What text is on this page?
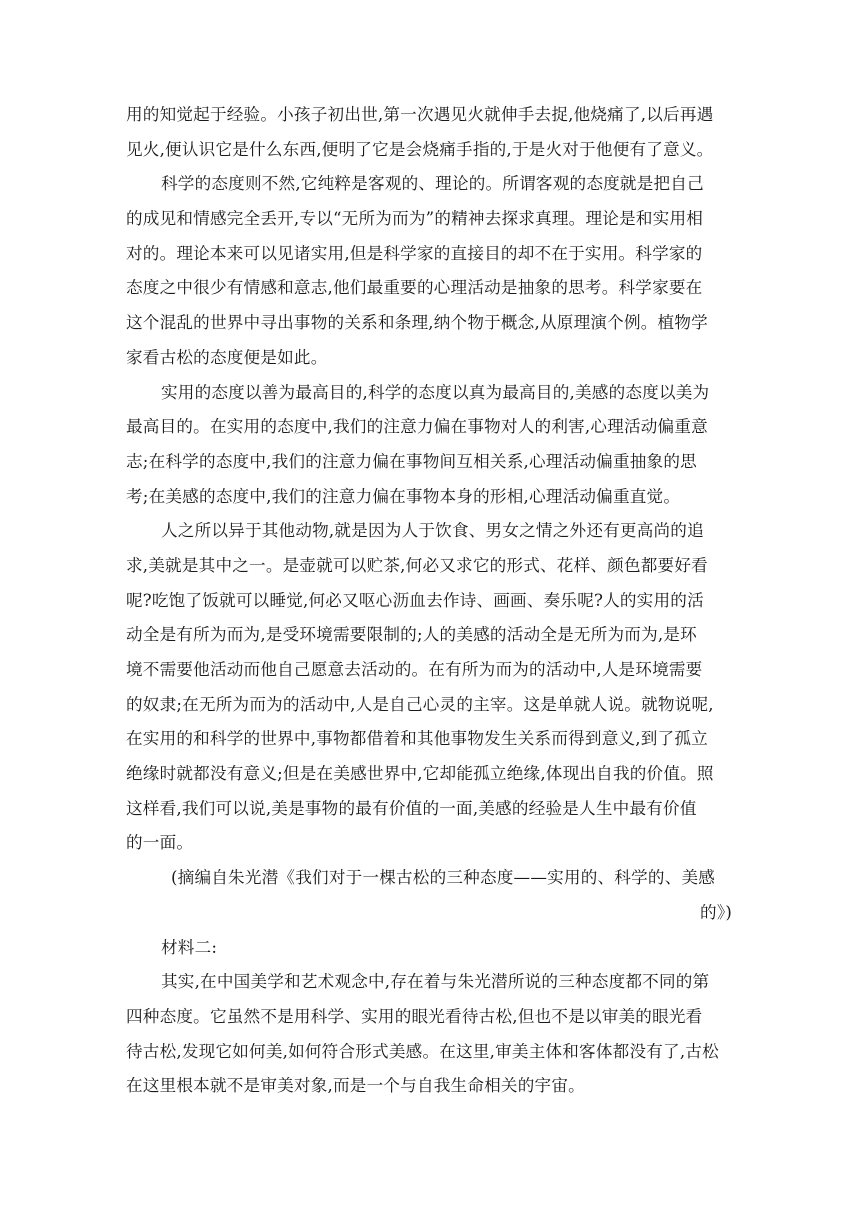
用的知觉起于经验。小孩子初出世,第一次遇见火就伸手去捉,他烧痛了,以后再遇
见火,便认识它是什么东西,便明了它是会烧痛手指的,于是火对于他便有了意义。
科学的态度则不然,它纯粹是客观的、理论的。所谓客观的态度就是把自己
的成见和情感完全丢开,专以“无所为而为”的精神去探求真理。理论是和实用相
对的。理论本来可以见诸实用,但是科学家的直接目的却不在于实用。科学家的
态度之中很少有情感和意志,他们最重要的心理活动是抽象的思考。科学家要在
这个混乱的世界中寻出事物的关系和条理,纳个物于概念,从原理演个例。植物学
家看古松的态度便是如此。
实用的态度以善为最高目的,科学的态度以真为最高目的,美感的态度以美为
最高目的。在实用的态度中,我们的注意力偏在事物对人的利害,心理活动偏重意
志;在科学的态度中,我们的注意力偏在事物间互相关系,心理活动偏重抽象的思
考;在美感的态度中,我们的注意力偏在事物本身的形相,心理活动偏重直觉。
人之所以异于其他动物,就是因为人于饮食、男女之情之外还有更高尚的追
求,美就是其中之一。是壶就可以贮茶,何必又求它的形式、花样、颜色都要好看
呢?吃饱了饭就可以睡觉,何必又呕心沥血去作诗、画画、奏乐呢?人的实用的活
动全是有所为而为,是受环境需要限制的;人的美感的活动全是无所为而为,是环
境不需要他活动而他自己愿意去活动的。在有所为而为的活动中,人是环境需要
的奴隶;在无所为而为的活动中,人是自己心灵的主宰。这是单就人说。就物说呢,
在实用的和科学的世界中,事物都借着和其他事物发生关系而得到意义,到了孤立
绝缘时就都没有意义;但是在美感世界中,它却能孤立绝缘,体现出自我的价值。照
这样看,我们可以说,美是事物的最有价值的一面,美感的经验是人生中最有价值
的一面。
(摘编自朱光潜《我们对于一棵古松的三种态度——实用的、科学的、美感
的》)
材料二:
其实,在中国美学和艺术观念中,存在着与朱光潜所说的三种态度都不同的第
四种态度。它虽然不是用科学、实用的眼光看待古松,但也不是以审美的眼光看
待古松,发现它如何美,如何符合形式美感。在这里,审美主体和客体都没有了,古松
在这里根本就不是审美对象,而是一个与自我生命相关的宇宙。
